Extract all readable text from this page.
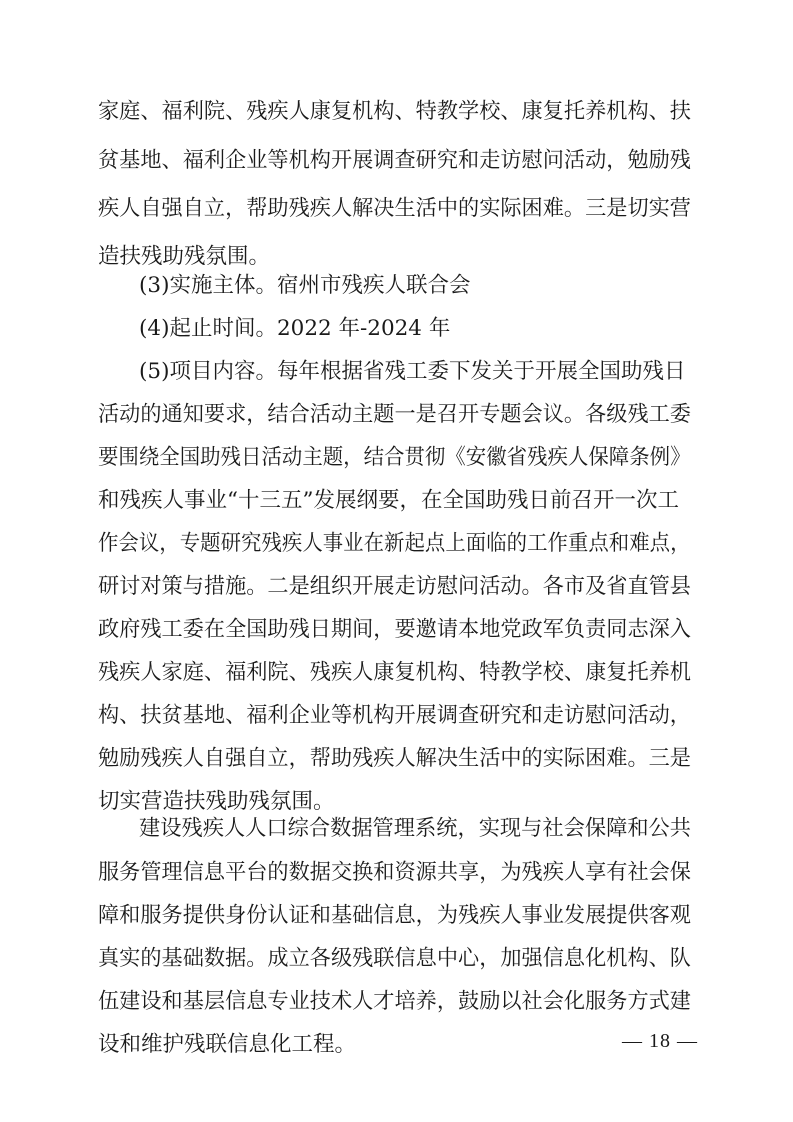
家庭、福利院、残疾人康复机构、特教学校、康复托养机构、扶
贫基地、福利企业等机构开展调查研究和走访慰问活动，勉励残
疾人自强自立，帮助残疾人解决生活中的实际困难。三是切实营
造扶残助残氛围。
(3)实施主体。宿州市残疾人联合会
(4)起止时间。2022 年-2024 年
(5)项目内容。每年根据省残工委下发关于开展全国助残日
活动的通知要求，结合活动主题一是召开专题会议。各级残工委
要围绕全国助残日活动主题，结合贯彻《安徽省残疾人保障条例》
和残疾人事业“十三五”发展纲要，在全国助残日前召开一次工
作会议，专题研究残疾人事业在新起点上面临的工作重点和难点，
研讨对策与措施。二是组织开展走访慰问活动。各市及省直管县
政府残工委在全国助残日期间，要邀请本地党政军负责同志深入
残疾人家庭、福利院、残疾人康复机构、特教学校、康复托养机
构、扶贫基地、福利企业等机构开展调查研究和走访慰问活动，
勉励残疾人自强自立，帮助残疾人解决生活中的实际困难。三是
切实营造扶残助残氛围。
建设残疾人人口综合数据管理系统，实现与社会保障和公共
服务管理信息平台的数据交换和资源共享，为残疾人享有社会保
障和服务提供身份认证和基础信息，为残疾人事业发展提供客观
真实的基础数据。成立各级残联信息中心，加强信息化机构、队
伍建设和基层信息专业技术人才培养，鼓励以社会化服务方式建
设和维护残联信息化工程。	— 18 —
